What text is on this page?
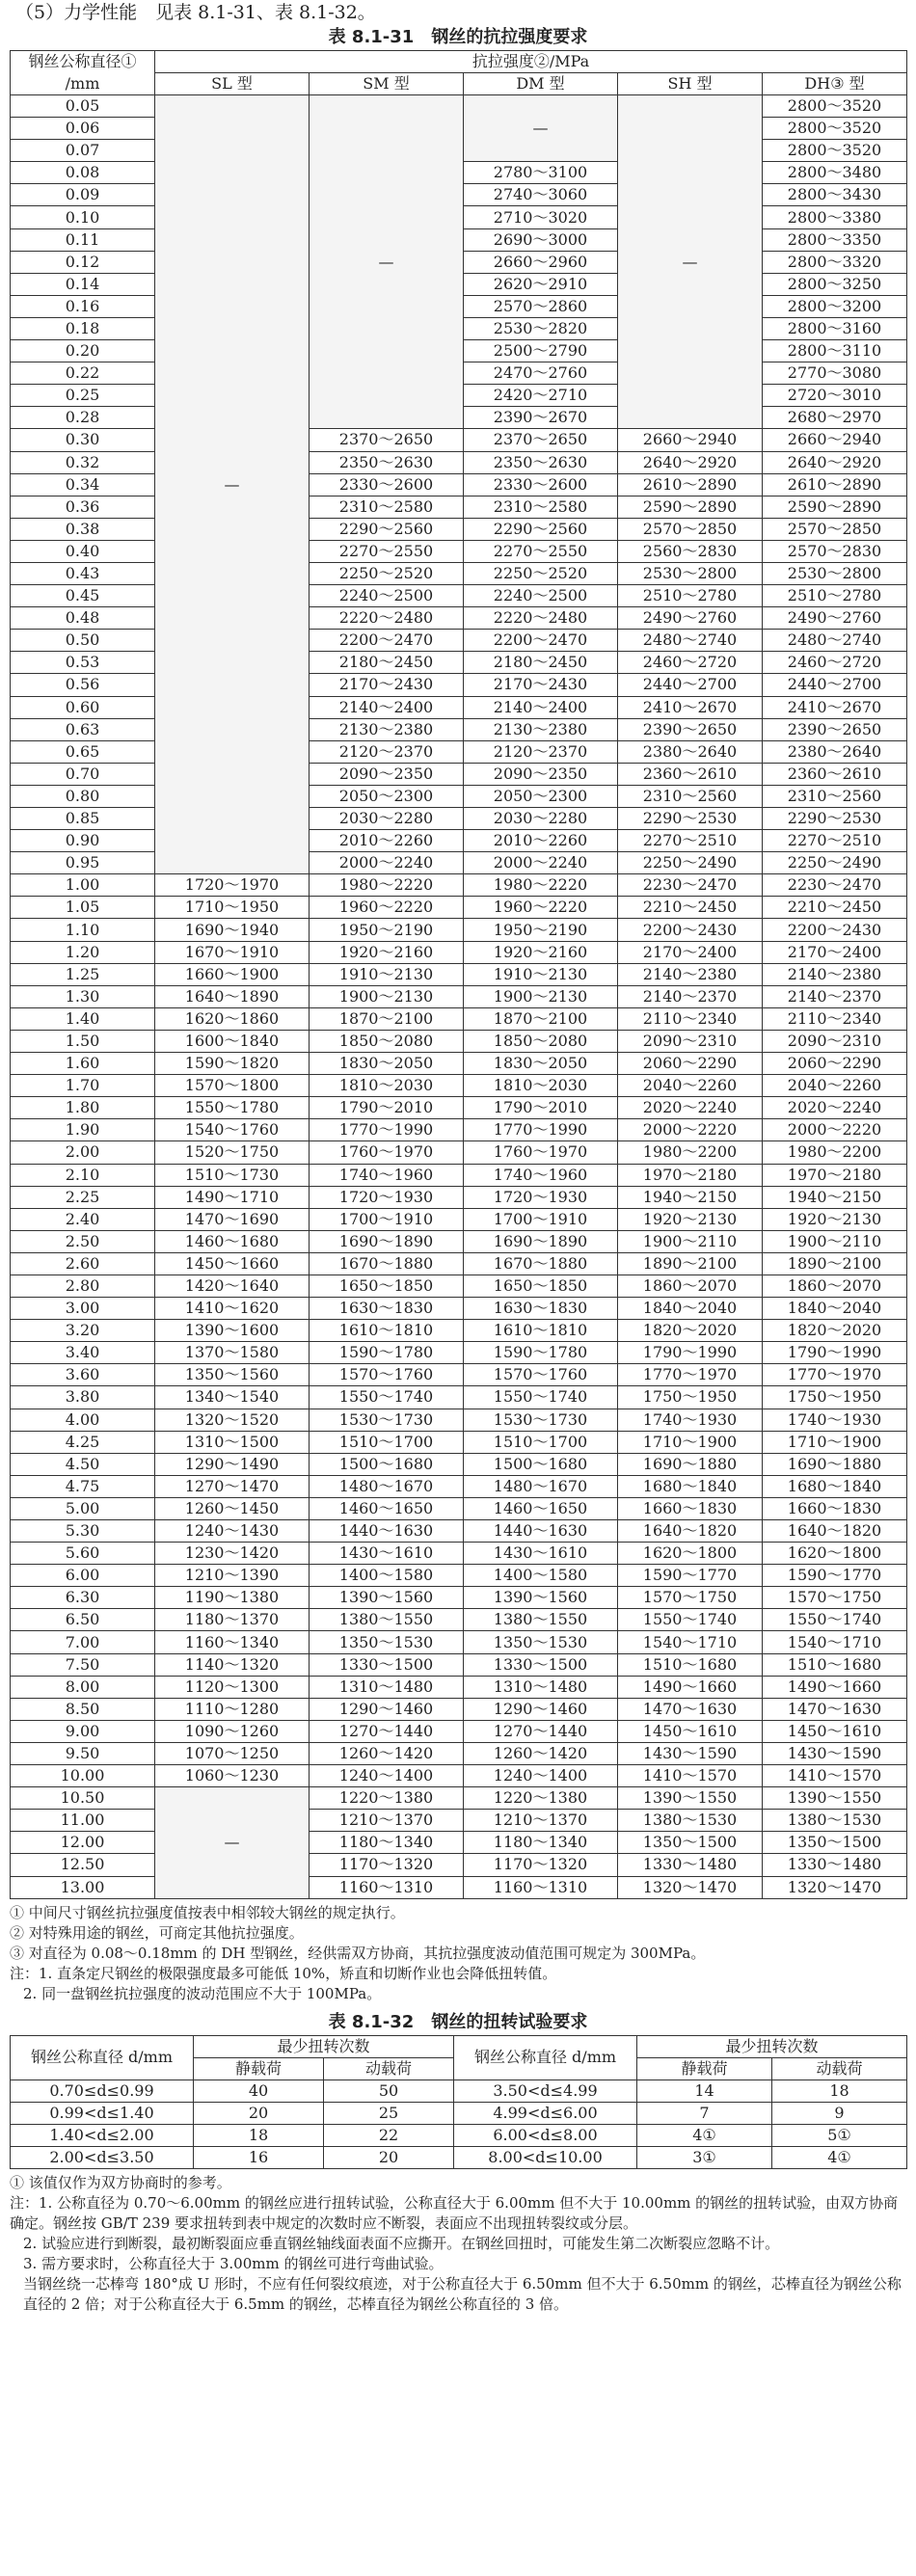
（5）力学性能　见表 8.1-31、表 8.1-32。
表 8.1-31　钢丝的抗拉强度要求
钢丝公称直径①	抗拉强度②/MPa				
/mm	SL 型	SM 型	DM 型	SH 型	DH③ 型
0.05	—	—	—	—	2800～3520
0.06					2800～3520
0.07					2800～3520
0.08			2780～3100		2800～3480
0.09			2740～3060		2800～3430
0.10			2710～3020		2800～3380
0.11			2690～3000		2800～3350
0.12			2660～2960		2800～3320
0.14			2620～2910		2800～3250
0.16			2570～2860		2800～3200
0.18			2530～2820		2800～3160
0.20			2500～2790		2800～3110
0.22			2470～2760		2770～3080
0.25			2420～2710		2720～3010
0.28			2390～2670		2680～2970
0.30		2370～2650	2370～2650	2660～2940	2660～2940
0.32		2350～2630	2350～2630	2640～2920	2640～2920
0.34		2330～2600	2330～2600	2610～2890	2610～2890
0.36		2310～2580	2310～2580	2590～2890	2590～2890
0.38		2290～2560	2290～2560	2570～2850	2570～2850
0.40		2270～2550	2270～2550	2560～2830	2570～2830
0.43		2250～2520	2250～2520	2530～2800	2530～2800
0.45		2240～2500	2240～2500	2510～2780	2510～2780
0.48		2220～2480	2220～2480	2490～2760	2490～2760
0.50		2200～2470	2200～2470	2480～2740	2480～2740
0.53		2180～2450	2180～2450	2460～2720	2460～2720
0.56		2170～2430	2170～2430	2440～2700	2440～2700
0.60		2140～2400	2140～2400	2410～2670	2410～2670
0.63		2130～2380	2130～2380	2390～2650	2390～2650
0.65		2120～2370	2120～2370	2380～2640	2380～2640
0.70		2090～2350	2090～2350	2360～2610	2360～2610
0.80		2050～2300	2050～2300	2310～2560	2310～2560
0.85		2030～2280	2030～2280	2290～2530	2290～2530
0.90		2010～2260	2010～2260	2270～2510	2270～2510
0.95		2000～2240	2000～2240	2250～2490	2250～2490
1.00	1720～1970	1980～2220	1980～2220	2230～2470	2230～2470
1.05	1710～1950	1960～2220	1960～2220	2210～2450	2210～2450
1.10	1690～1940	1950～2190	1950～2190	2200～2430	2200～2430
1.20	1670～1910	1920～2160	1920～2160	2170～2400	2170～2400
1.25	1660～1900	1910～2130	1910～2130	2140～2380	2140～2380
1.30	1640～1890	1900～2130	1900～2130	2140～2370	2140～2370
1.40	1620～1860	1870～2100	1870～2100	2110～2340	2110～2340
1.50	1600～1840	1850～2080	1850～2080	2090～2310	2090～2310
1.60	1590～1820	1830～2050	1830～2050	2060～2290	2060～2290
1.70	1570～1800	1810～2030	1810～2030	2040～2260	2040～2260
1.80	1550～1780	1790～2010	1790～2010	2020～2240	2020～2240
1.90	1540～1760	1770～1990	1770～1990	2000～2220	2000～2220
2.00	1520～1750	1760～1970	1760～1970	1980～2200	1980～2200
2.10	1510～1730	1740～1960	1740～1960	1970～2180	1970～2180
2.25	1490～1710	1720～1930	1720～1930	1940～2150	1940～2150
2.40	1470～1690	1700～1910	1700～1910	1920～2130	1920～2130
2.50	1460～1680	1690～1890	1690～1890	1900～2110	1900～2110
2.60	1450～1660	1670～1880	1670～1880	1890～2100	1890～2100
2.80	1420～1640	1650～1850	1650～1850	1860～2070	1860～2070
3.00	1410～1620	1630～1830	1630～1830	1840～2040	1840～2040
3.20	1390～1600	1610～1810	1610～1810	1820～2020	1820～2020
3.40	1370～1580	1590～1780	1590～1780	1790～1990	1790～1990
3.60	1350～1560	1570～1760	1570～1760	1770～1970	1770～1970
3.80	1340～1540	1550～1740	1550～1740	1750～1950	1750～1950
4.00	1320～1520	1530～1730	1530～1730	1740～1930	1740～1930
4.25	1310～1500	1510～1700	1510～1700	1710～1900	1710～1900
4.50	1290～1490	1500～1680	1500～1680	1690～1880	1690～1880
4.75	1270～1470	1480～1670	1480～1670	1680～1840	1680～1840
5.00	1260～1450	1460～1650	1460～1650	1660～1830	1660～1830
5.30	1240～1430	1440～1630	1440～1630	1640～1820	1640～1820
5.60	1230～1420	1430～1610	1430～1610	1620～1800	1620～1800
6.00	1210～1390	1400～1580	1400～1580	1590～1770	1590～1770
6.30	1190～1380	1390～1560	1390～1560	1570～1750	1570～1750
6.50	1180～1370	1380～1550	1380～1550	1550～1740	1550～1740
7.00	1160～1340	1350～1530	1350～1530	1540～1710	1540～1710
7.50	1140～1320	1330～1500	1330～1500	1510～1680	1510～1680
8.00	1120～1300	1310～1480	1310～1480	1490～1660	1490～1660
8.50	1110～1280	1290～1460	1290～1460	1470～1630	1470～1630
9.00	1090～1260	1270～1440	1270～1440	1450～1610	1450～1610
9.50	1070～1250	1260～1420	1260～1420	1430～1590	1430～1590
10.00	1060～1230	1240～1400	1240～1400	1410～1570	1410～1570
10.50	—	1220～1380	1220～1380	1390～1550	1390～1550
11.00		1210～1370	1210～1370	1380～1530	1380～1530
12.00		1180～1340	1180～1340	1350～1500	1350～1500
12.50		1170～1320	1170～1320	1330～1480	1330～1480
13.00		1160～1310	1160～1310	1320～1470	1320～1470

① 中间尺寸钢丝抗拉强度值按表中相邻较大钢丝的规定执行。

② 对特殊用途的钢丝，可商定其他抗拉强度。

③ 对直径为 0.08～0.18mm 的 DH 型钢丝，经供需双方协商，其抗拉强度波动值范围可规定为 300MPa。

注：1. 直条定尺钢丝的极限强度最多可能低 10%，矫直和切断作业也会降低扭转值。

2. 同一盘钢丝抗拉强度的波动范围应不大于 100MPa。

表 8.1-32　钢丝的扭转试验要求
钢丝公称直径 d/mm	最少扭转次数		钢丝公称直径 d/mm	最少扭转次数	
	静载荷	动载荷		静载荷	动载荷
0.70≤d≤0.99	40	50	3.50<d≤4.99	14	18
0.99<d≤1.40	20	25	4.99<d≤6.00	7	9
1.40<d≤2.00	18	22	6.00<d≤8.00	4①	5①
2.00<d≤3.50	16	20	8.00<d≤10.00	3①	4①

① 该值仅作为双方协商时的参考。

注：1. 公称直径为 0.70～6.00mm 的钢丝应进行扭转试验，公称直径大于 6.00mm 但不大于 10.00mm 的钢丝的扭转试验，由双方协商确定。钢丝按 GB/T 239 要求扭转到表中规定的次数时应不断裂，表面应不出现扭转裂纹或分层。

2. 试验应进行到断裂，最初断裂面应垂直钢丝轴线面表面不应撕开。在钢丝回扭时，可能发生第二次断裂应忽略不计。

3. 需方要求时，公称直径大于 3.00mm 的钢丝可进行弯曲试验。

当钢丝绕一芯棒弯 180°成 U 形时，不应有任何裂纹痕迹，对于公称直径大于 6.50mm 但不大于 6.50mm 的钢丝，芯棒直径为钢丝公称直径的 2 倍；对于公称直径大于 6.5mm 的钢丝，芯棒直径为钢丝公称直径的 3 倍。
